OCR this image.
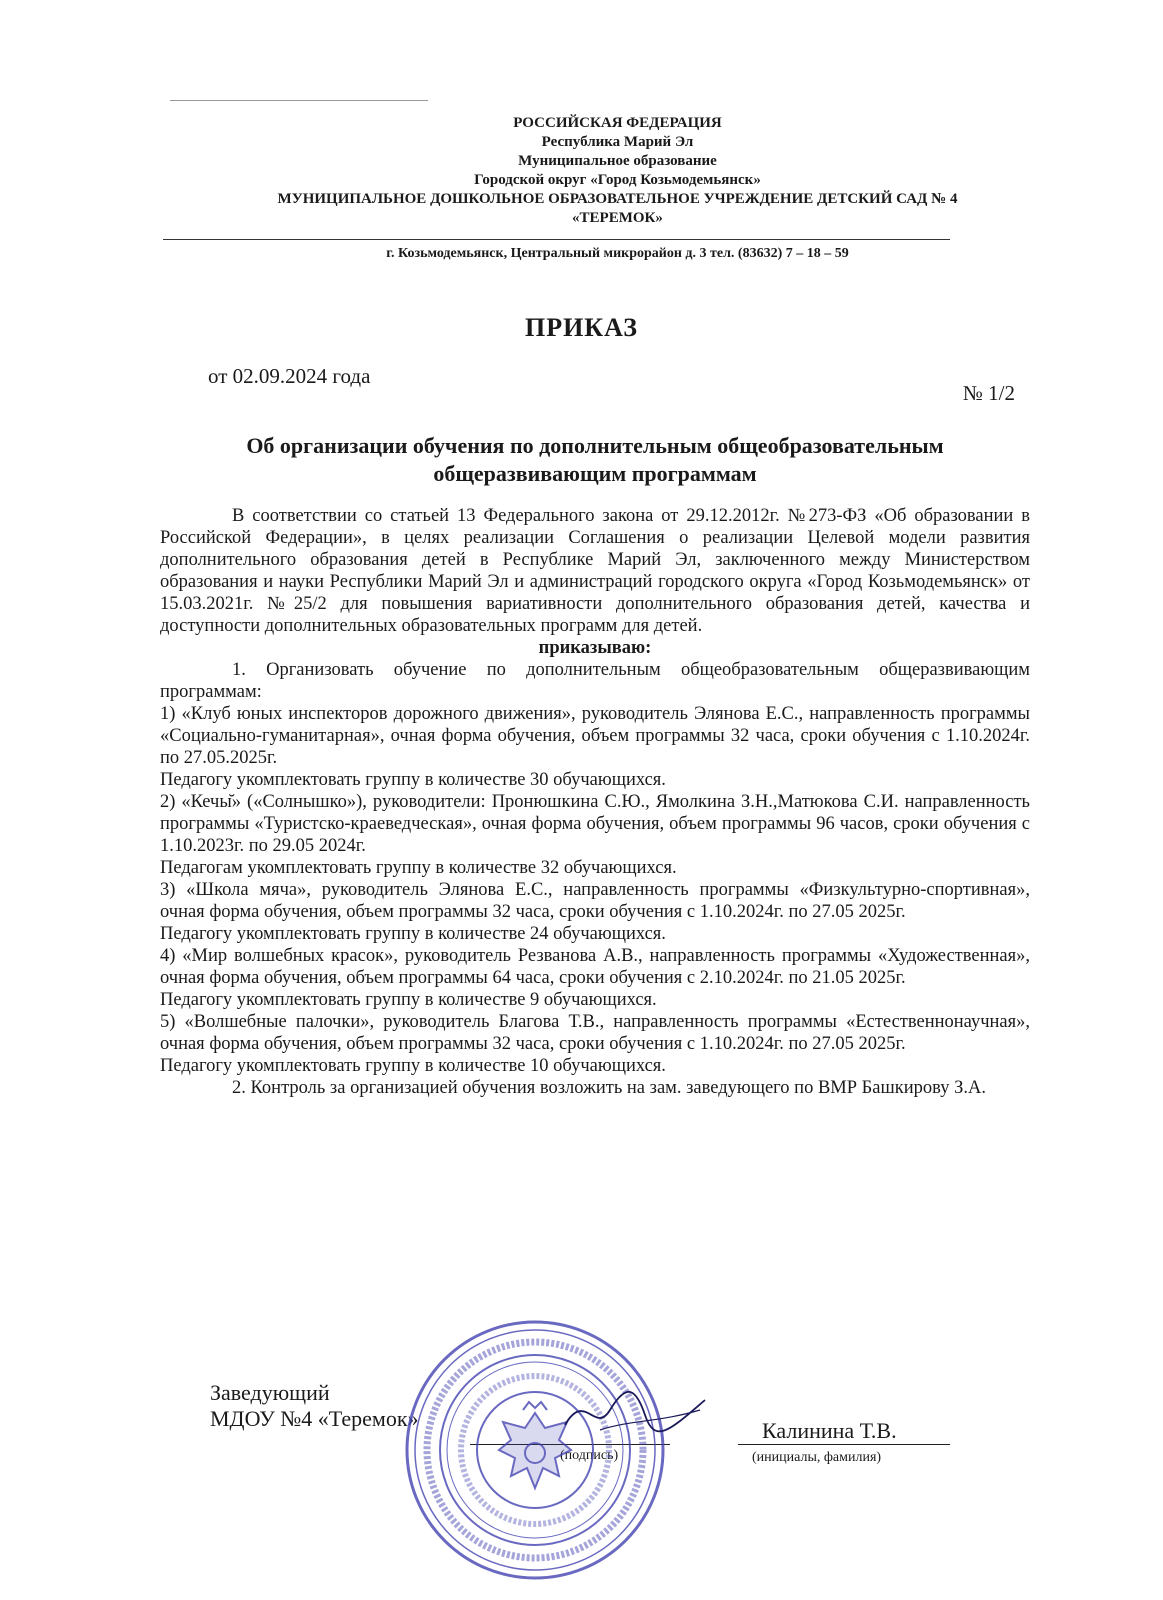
РОССИЙСКАЯ ФЕДЕРАЦИЯ
Республика Марий Эл
Муниципальное образование
Городской округ «Город Козьмодемьянск»
МУНИЦИПАЛЬНОЕ ДОШКОЛЬНОЕ ОБРАЗОВАТЕЛЬНОЕ УЧРЕЖДЕНИЕ ДЕТСКИЙ САД № 4
«ТЕРЕМОК»
г. Козьмодемьянск, Центральный микрорайон д. 3 тел. (83632) 7 – 18 – 59
ПРИКАЗ
от 02.09.2024 года
№ 1/2
Об организации обучения по дополнительным общеобразовательным
общеразвивающим программам

В соответствии со статьей 13 Федерального закона от 29.12.2012г. №273-ФЗ «Об образовании в Российской Федерации», в целях реализации Соглашения о реализации Целевой модели развития дополнительного образования детей в Республике Марий Эл, заключенного между Министерством образования и науки Республики Марий Эл и администраций городского округа «Город Козьмодемьянск» от 15.03.2021г. №25/2 для повышения вариативности дополнительного образования детей, качества и доступности дополнительных образовательных программ для детей.

приказываю:

1. Организовать обучение по дополнительным общеобразовательным общеразвивающим программам:

1) «Клуб юных инспекторов дорожного движения», руководитель Элянова Е.С., направленность программы «Социально-гуманитарная», очная форма обучения, объем программы 32 часа, сроки обучения с 1.10.2024г. по 27.05.2025г.

Педагогу укомплектовать группу в количестве 30 обучающихся.

2) «Кечы̆» («Солнышко»), руководители: Пронюшкина С.Ю., Ямолкина З.Н.,Матюкова С.И. направленность программы «Туристско-краеведческая», очная форма обучения, объем программы 96 часов, сроки обучения с 1.10.2023г. по 29.05 2024г.

Педагогам укомплектовать группу в количестве 32 обучающихся.

3) «Школа мяча», руководитель Элянова Е.С., направленность программы «Физкультурно-спортивная», очная форма обучения, объем программы 32 часа, сроки обучения с 1.10.2024г. по 27.05 2025г.

Педагогу укомплектовать группу в количестве 24 обучающихся.

4) «Мир волшебных красок», руководитель Резванова А.В., направленность программы «Художественная», очная форма обучения, объем программы 64 часа, сроки обучения с 2.10.2024г. по 21.05 2025г.

Педагогу укомплектовать группу в количестве 9 обучающихся.

5) «Волшебные палочки», руководитель Благова Т.В., направленность программы «Естественнонаучная», очная форма обучения, объем программы 32 часа, сроки обучения с 1.10.2024г. по 27.05 2025г.

Педагогу укомплектовать группу в количестве 10 обучающихся.

2. Контроль за организацией обучения возложить на зам. заведующего по ВМР Башкирову З.А.

Заведующий
МДОУ №4 «Теремок»
(подпись)
Калинина Т.В.
(инициалы, фамилия)
